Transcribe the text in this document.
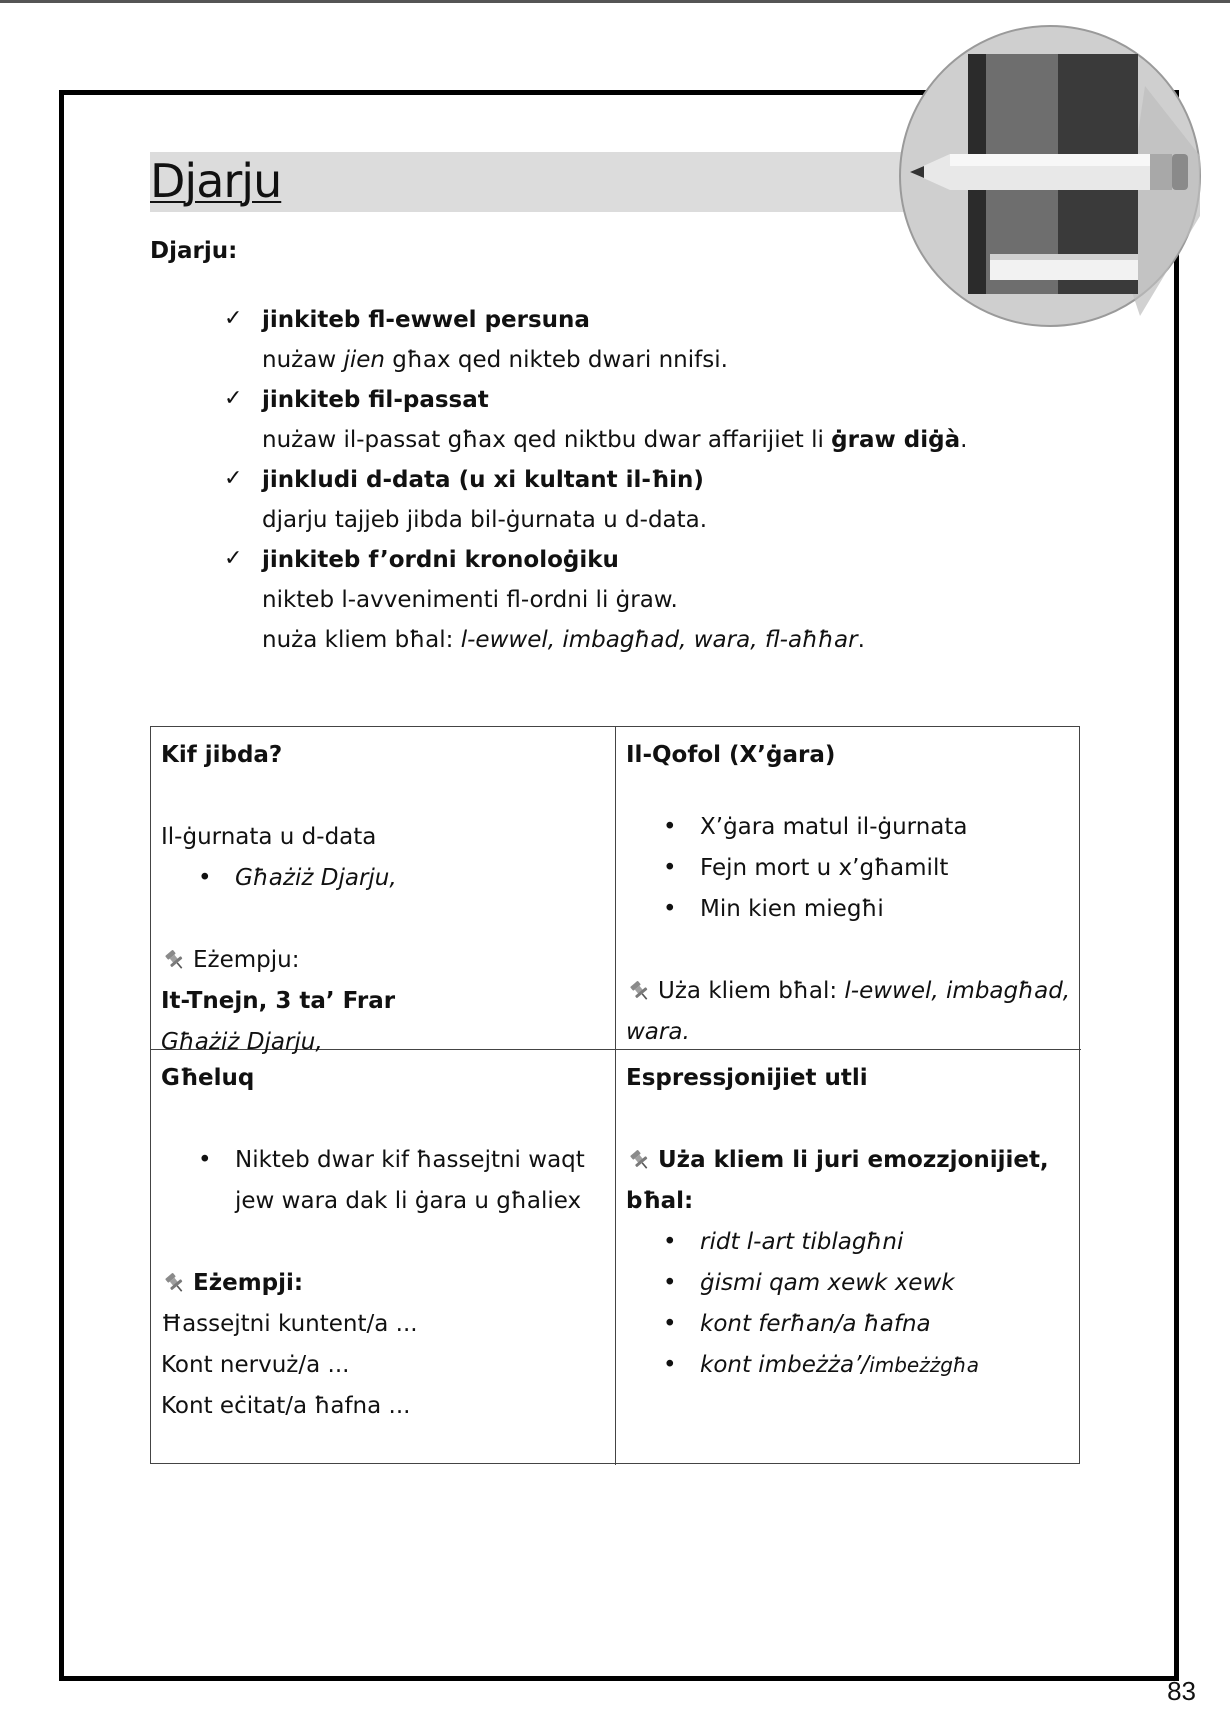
Djarju
Djarju:
✓ jinkiteb fl-ewwel persuna
nużaw jien għax qed nikteb dwari nnifsi.
✓ jinkiteb fil-passat
nużaw il-passat għax qed niktbu dwar affarijiet li ġraw diġà.
✓ jinkludi d-data (u xi kultant il-ħin)
djarju tajjeb jibda bil-ġurnata u d-data.
✓ jinkiteb f’ordni kronoloġiku
nikteb l-avvenimenti fl-ordni li ġraw.
nuża kliem bħal: l-ewwel, imbagħad, wara, fl-aħħar.
Kif jibda?
Il-ġurnata u d-data
• Għażiż Djarju,
Eżempju:
It-Tnejn, 3 ta’ Frar
Għażiż Djarju,
Il-Qofol (X’ġara)
• X’ġara matul il-ġurnata
• Fejn mort u x’għamilt
• Min kien miegħi
Uża kliem bħal: l-ewwel, imbagħad, wara.
Għeluq
• Nikteb dwar kif ħassejtni waqt
jew wara dak li ġara u għaliex
Eżempji:
Ħassejtni kuntent/a ...
Kont nervuż/a ...
Kont eċitat/a ħafna ...
Espressjonijiet utli
Uża kliem li juri emozzjonijiet,
bħal:
• ridt l-art tiblagħni
• ġismi qam xewk xewk
• kont ferħan/a ħafna
• kont imbeżża’/imbeżżgħa
83
